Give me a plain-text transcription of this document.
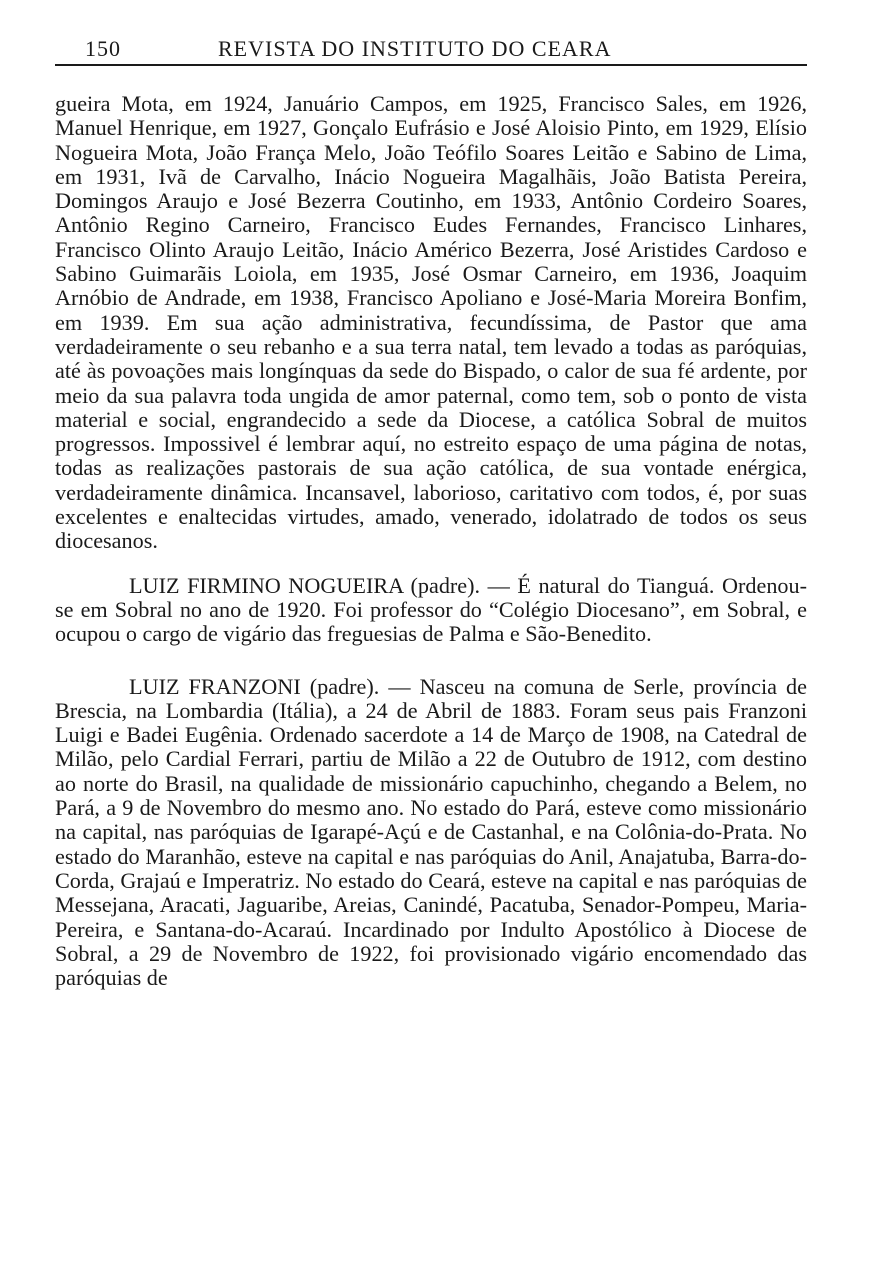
150	REVISTA DO INSTITUTO DO CEARA

gueira Mota, em 1924, Januário Campos, em 1925, Francisco Sales, em 1926, Manuel Henrique, em 1927, Gonçalo Eufrásio e José Aloisio Pinto, em 1929, Elísio Nogueira Mota, João França Melo, João Teófilo Soares Leitão e Sabino de Lima, em 1931, Ivã de Carvalho, Inácio Nogueira Magalhãis, João Batista Pereira, Domingos Araujo e José Bezerra Coutinho, em 1933, Antônio Cordeiro Soares, Antônio Regino Carneiro, Francisco Eudes Fernandes, Francisco Linhares, Francisco Olinto Araujo Leitão, Inácio Américo Bezerra, José Aristides Cardoso e Sabino Guimarãis Loiola, em 1935, José Osmar Carneiro, em 1936, Joaquim Arnóbio de Andrade, em 1938, Francisco Apoliano e José-Maria Moreira Bonfim, em 1939. Em sua ação administrativa, fecundíssima, de Pastor que ama verdadeiramente o seu rebanho e a sua terra natal, tem levado a todas as paróquias, até às povoações mais longínquas da sede do Bispado, o calor de sua fé ardente, por meio da sua palavra toda ungida de amor paternal, como tem, sob o ponto de vista material e social, engrandecido a sede da Diocese, a católica Sobral de muitos progressos. Impossivel é lembrar aquí, no estreito espaço de uma página de notas, todas as realizações pastorais de sua ação católica, de sua vontade enérgica, verdadeiramente dinâmica. Incansavel, laborioso, caritativo com todos, é, por suas excelentes e enaltecidas virtudes, amado, venerado, idolatrado de todos os seus diocesanos.

LUIZ FIRMINO NOGUEIRA (padre). — É natural do Tianguá. Ordenou-se em Sobral no ano de 1920. Foi professor do “Colégio Diocesano”, em Sobral, e ocupou o cargo de vigário das freguesias de Palma e São-Benedito.

LUIZ FRANZONI (padre). — Nasceu na comuna de Serle, província de Brescia, na Lombardia (Itália), a 24 de Abril de 1883. Foram seus pais Franzoni Luigi e Badei Eugênia. Ordenado sacerdote a 14 de Março de 1908, na Catedral de Milão, pelo Cardial Ferrari, partiu de Milão a 22 de Outubro de 1912, com destino ao norte do Brasil, na qualidade de missionário capuchinho, chegando a Belem, no Pará, a 9 de Novembro do mesmo ano. No estado do Pará, esteve como missionário na capital, nas paróquias de Igarapé-Açú e de Castanhal, e na Colônia-do-Prata. No estado do Maranhão, esteve na capital e nas paróquias do Anil, Anajatuba, Barra-do-Corda, Grajaú e Imperatriz. No estado do Ceará, esteve na capital e nas paróquias de Messejana, Aracati, Jaguaribe, Areias, Canindé, Pacatuba, Senador-Pompeu, Maria-Pereira, e Santana-do-Acaraú. Incardinado por Indulto Apostólico à Diocese de Sobral, a 29 de Novembro de 1922, foi provisionado vigário encomendado das paróquias de
